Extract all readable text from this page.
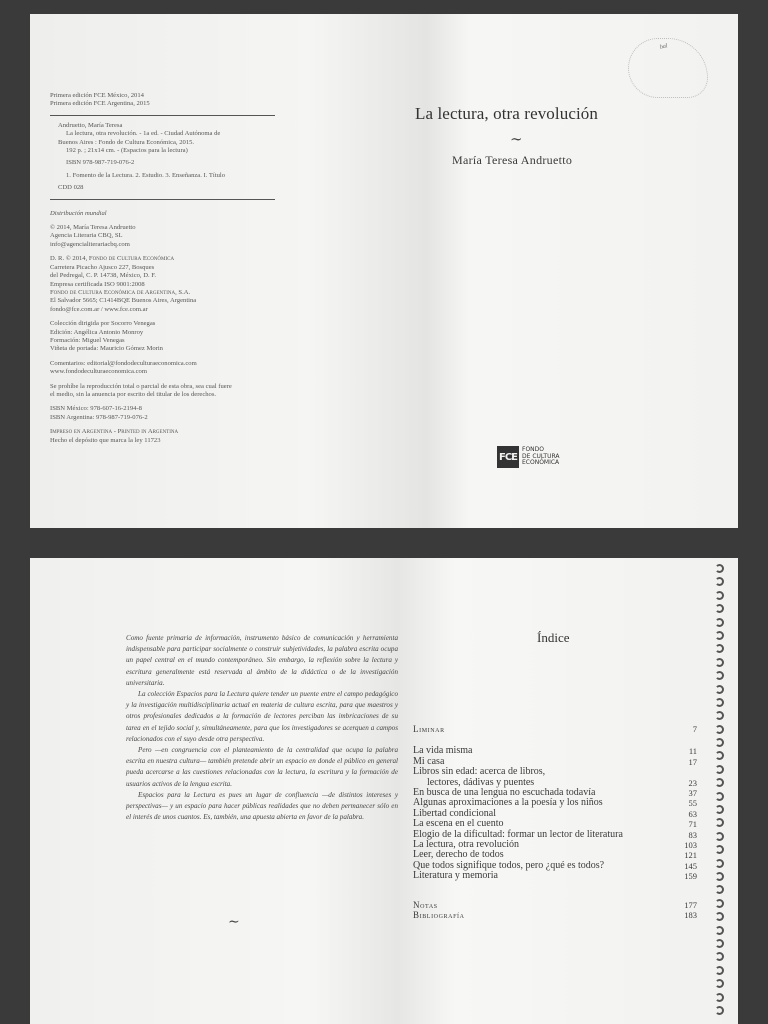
Primera edición FCE México, 2014

Primera edición FCE Argentina, 2015

Andruetto, María Teresa

La lectura, otra revolución. - 1a ed. - Ciudad Autónoma de

Buenos Aires : Fondo de Cultura Económica, 2015.

192 p. ; 21x14 cm. - (Espacios para la lectura)

ISBN 978-987-719-076-2

1. Fomento de la Lectura. 2. Estudio. 3. Enseñanza. I. Título

CDD 028

Distribución mundial

© 2014, María Teresa Andruetto

Agencia Literaria CBQ, SL

info@agencialiterariacbq.com

D. R. © 2014, Fondo de Cultura Económica

Carretera Picacho Ajusco 227, Bosques

del Pedregal, C. P. 14738, México, D. F.

Empresa certificada ISO 9001:2008

Fondo de Cultura Económica de Argentina, S.A.

El Salvador 5665; C1414BQE Buenos Aires, Argentina

fondo@fce.com.ar / www.fce.com.ar

Colección dirigida por Socorro Venegas

Edición: Angélica Antonio Monroy

Formación: Miguel Venegas

Viñeta de portada: Mauricio Gómez Morin

Comentarios: editorial@fondodeculturaeconomica.com

www.fondodeculturaeconomica.com

Se prohíbe la reproducción total o parcial de esta obra, sea cual fuere

el medio, sin la anuencia por escrito del titular de los derechos.

ISBN México: 978-607-16-2194-8

ISBN Argentina: 978-987-719-076-2

Impreso en Argentina - Printed in Argentina

Hecho el depósito que marca la ley 11723

bal
La lectura, otra revolución
∼
María Teresa Andruetto
FCE
FONDO
DE CULTURA
ECONÓMICA

Como fuente primaria de información, instrumento básico de comunicación y herramienta indispensable para participar socialmente o construir subjetividades, la palabra escrita ocupa un papel central en el mundo contemporáneo. Sin embargo, la reflexión sobre la lectura y escritura generalmente está reservada al ámbito de la didáctica o de la investigación universitaria.

La colección Espacios para la Lectura quiere tender un puente entre el campo pedagógico y la investigación multidisciplinaria actual en materia de cultura escrita, para que maestros y otros profesionales dedicados a la formación de lectores perciban las imbricaciones de su tarea en el tejido social y, simultáneamente, para que los investigadores se acerquen a campos relacionados con el suyo desde otra perspectiva.

Pero —en congruencia con el planteamiento de la centralidad que ocupa la palabra escrita en nuestra cultura— también pretende abrir un espacio en donde el público en general pueda acercarse a las cuestiones relacionadas con la lectura, la escritura y la formación de usuarios activos de la lengua escrita.

Espacios para la Lectura es pues un lugar de confluencia —de distintos intereses y perspectivas— y un espacio para hacer públicas realidades que no deben permanecer sólo en el interés de unos cuantos. Es, también, una apuesta abierta en favor de la palabra.

∼
Índice
Liminar	7
La vida misma	11
Mi casa	17
Libros sin edad: acerca de libros,
lectores, dádivas y puentes	23
En busca de una lengua no escuchada todavía	37
Algunas aproximaciones a la poesía y los niños	55
Libertad condicional	63
La escena en el cuento	71
Elogio de la dificultad: formar un lector de literatura	83
La lectura, otra revolución	103
Leer, derecho de todos	121
Que todos signifique todos, pero ¿qué es todos?	145
Literatura y memoria	159
Notas	177
Bibliografía	183
